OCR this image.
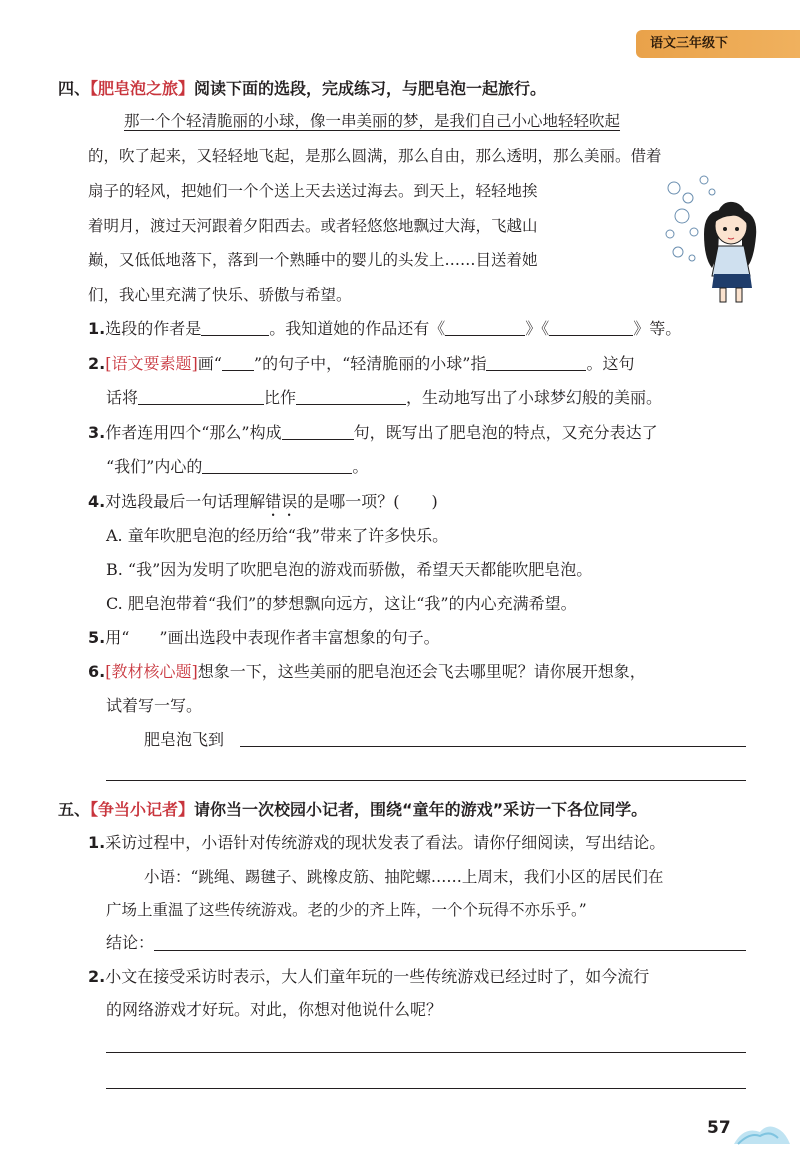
语文三年级下
四、【肥皂泡之旅】阅读下面的选段，完成练习，与肥皂泡一起旅行。
那一个个轻清脆丽的小球，像一串美丽的梦，是我们自己小心地轻轻吹起
的，吹了起来，又轻轻地飞起，是那么圆满，那么自由，那么透明，那么美丽。借着
扇子的轻风，把她们一个个送上天去送过海去。到天上，轻轻地挨
着明月，渡过天河跟着夕阳西去。或者轻悠悠地飘过大海，飞越山
巅，又低低地落下，落到一个熟睡中的婴儿的头发上……目送着她
们，我心里充满了快乐、骄傲与希望。
1.选段的作者是	。我知道她的作品还有《	》《	》等。
2.[语文要素题]画“ ”的句子中，“轻清脆丽的小球”指	。这句
话将	比作	，生动地写出了小球梦幻般的美丽。
3.作者连用四个“那么”构成	句，既写出了肥皂泡的特点，又充分表达了
“我们”内心的	。
4.对选段最后一句话理解错误的是哪一项？(　　)
A. 童年吹肥皂泡的经历给“我”带来了许多快乐。
B. “我”因为发明了吹肥皂泡的游戏而骄傲，希望天天都能吹肥皂泡。
C. 肥皂泡带着“我们”的梦想飘向远方，这让“我”的内心充满希望。
5.用“ ”画出选段中表现作者丰富想象的句子。
6.[教材核心题]想象一下，这些美丽的肥皂泡还会飞去哪里呢？请你展开想象，
试着写一写。
肥皂泡飞到
五、【争当小记者】请你当一次校园小记者，围绕“童年的游戏”采访一下各位同学。
1.采访过程中，小语针对传统游戏的现状发表了看法。请你仔细阅读，写出结论。
小语：“跳绳、踢毽子、跳橡皮筋、抽陀螺……上周末，我们小区的居民们在
广场上重温了这些传统游戏。老的少的齐上阵，一个个玩得不亦乐乎。”
结论：
2.小文在接受采访时表示，大人们童年玩的一些传统游戏已经过时了，如今流行
的网络游戏才好玩。对此，你想对他说什么呢？
57
